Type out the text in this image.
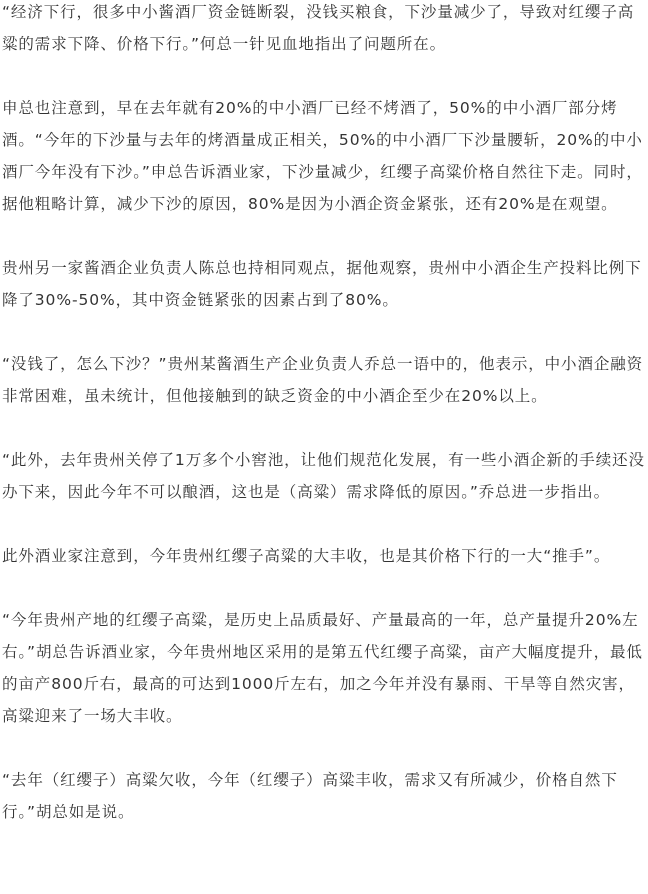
“经济下行，很多中小酱酒厂资金链断裂，没钱买粮食，下沙量减少了，导致对红缨子高粱的需求下降、价格下行。”何总一针见血地指出了问题所在。

申总也注意到，早在去年就有20%的中小酒厂已经不烤酒了，50%的中小酒厂部分烤酒。“今年的下沙量与去年的烤酒量成正相关，50%的中小酒厂下沙量腰斩，20%的中小酒厂今年没有下沙。”申总告诉酒业家，下沙量减少，红缨子高粱价格自然往下走。同时，据他粗略计算，减少下沙的原因，80%是因为小酒企资金紧张，还有20%是在观望。

贵州另一家酱酒企业负责人陈总也持相同观点，据他观察，贵州中小酒企生产投料比例下降了30%-50%，其中资金链紧张的因素占到了80%。

“没钱了，怎么下沙？”贵州某酱酒生产企业负责人乔总一语中的，他表示，中小酒企融资非常困难，虽未统计，但他接触到的缺乏资金的中小酒企至少在20%以上。

“此外，去年贵州关停了1万多个小窖池，让他们规范化发展，有一些小酒企新的手续还没办下来，因此今年不可以酿酒，这也是（高粱）需求降低的原因。”乔总进一步指出。

此外酒业家注意到，今年贵州红缨子高粱的大丰收，也是其价格下行的一大“推手”。

“今年贵州产地的红缨子高粱，是历史上品质最好、产量最高的一年，总产量提升20%左右。”胡总告诉酒业家，今年贵州地区采用的是第五代红缨子高粱，亩产大幅度提升，最低的亩产800斤右，最高的可达到1000斤左右，加之今年并没有暴雨、干旱等自然灾害，高粱迎来了一场大丰收。

“去年（红缨子）高粱欠收，今年（红缨子）高粱丰收，需求又有所减少，价格自然下行。”胡总如是说。
